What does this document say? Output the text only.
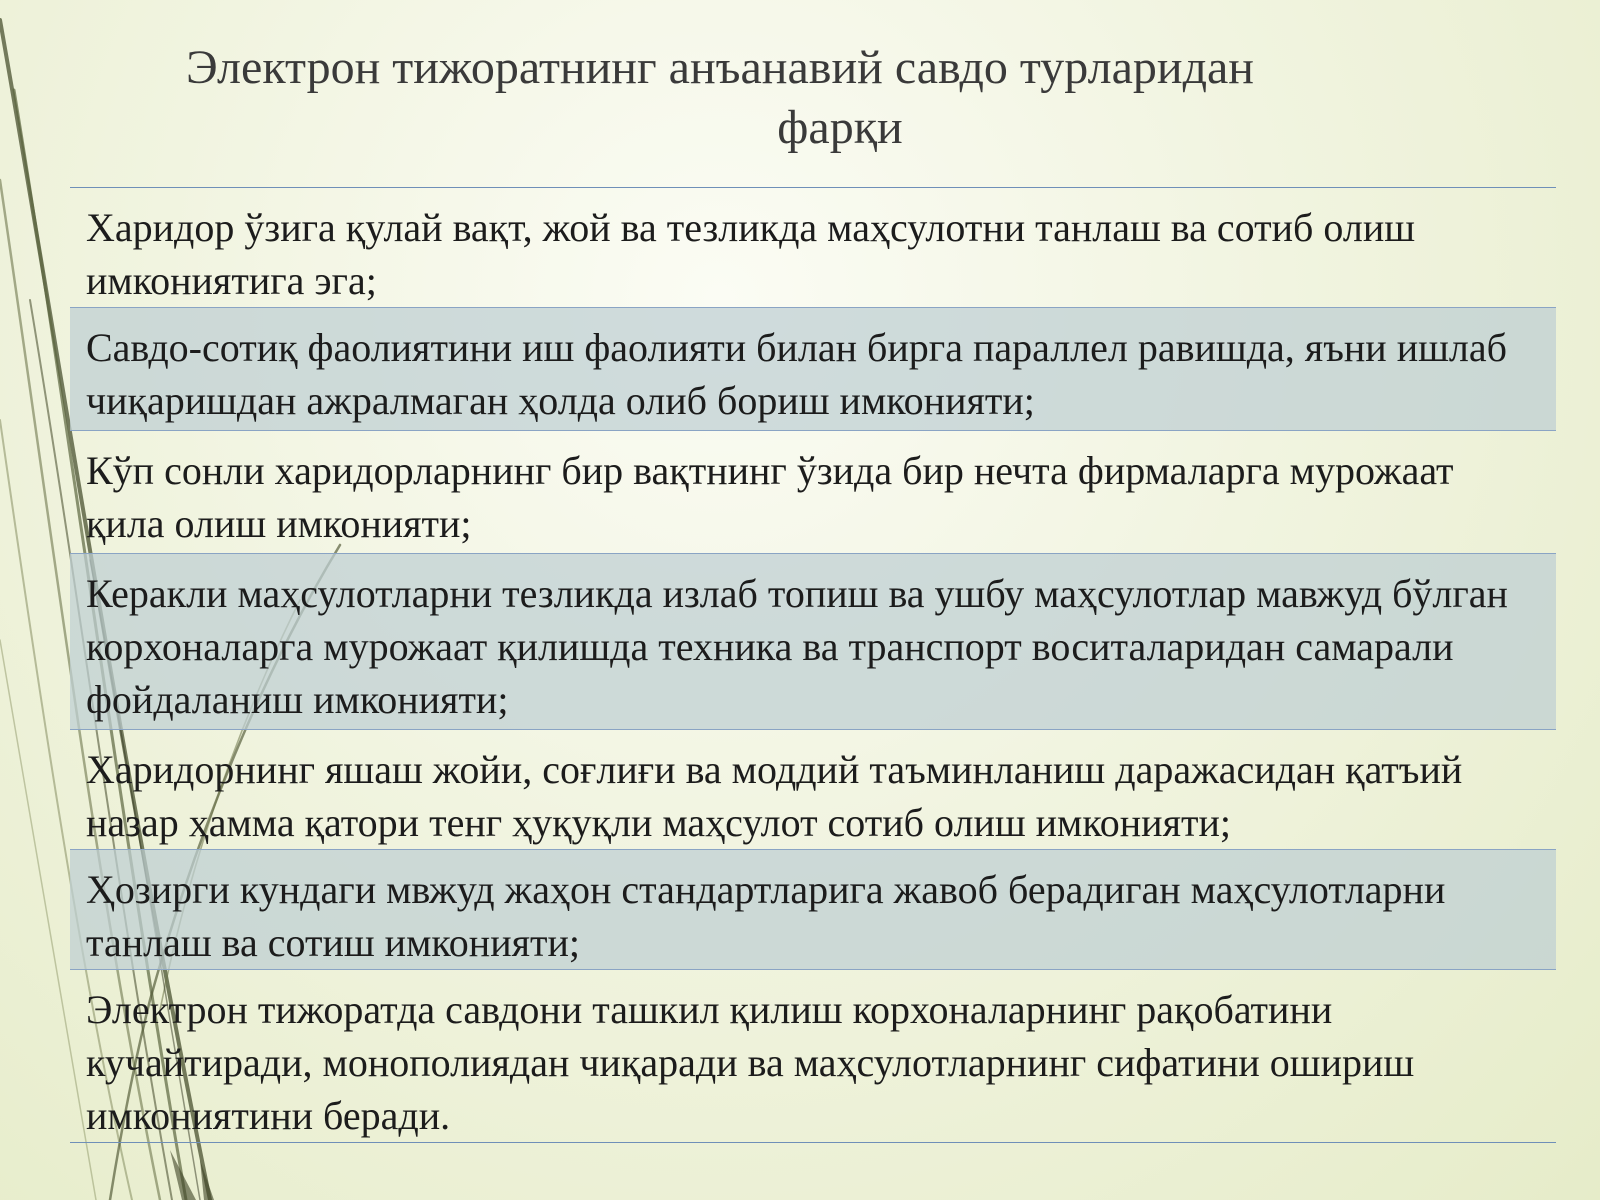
Электрон тижоратнинг анъанавий савдо турларидан
фарқи
Харидор ўзига қулай вақт, жой ва тезликда маҳсулотни танлаш ва сотиб олиш имкониятига эга;
Савдо-сотиқ фаолиятини иш фаолияти билан бирга параллел равишда, яъни ишлаб чиқаришдан ажралмаган ҳолда олиб бориш имконияти;
Кўп сонли харидорларнинг бир вақтнинг ўзида бир нечта фирмаларга мурожаат қила олиш имконияти;
Керакли маҳсулотларни тезликда излаб топиш ва ушбу маҳсулотлар мавжуд бўлган корхоналарга мурожаат қилишда техника ва транспорт воситаларидан самарали фойдаланиш имконияти;
Харидорнинг яшаш жойи, соғлиғи ва моддий таъминланиш даражасидан қатъий назар ҳамма қатори тенг ҳуқуқли маҳсулот сотиб олиш имконияти;
Ҳозирги кундаги мвжуд жаҳон стандартларига жавоб берадиган маҳсулотларни танлаш ва сотиш имконияти;
Электрон тижоратда савдони ташкил қилиш корхоналарнинг рақобатини кучайтиради, монополиядан чиқаради ва маҳсулотларнинг сифатини ошириш имкониятини беради.
